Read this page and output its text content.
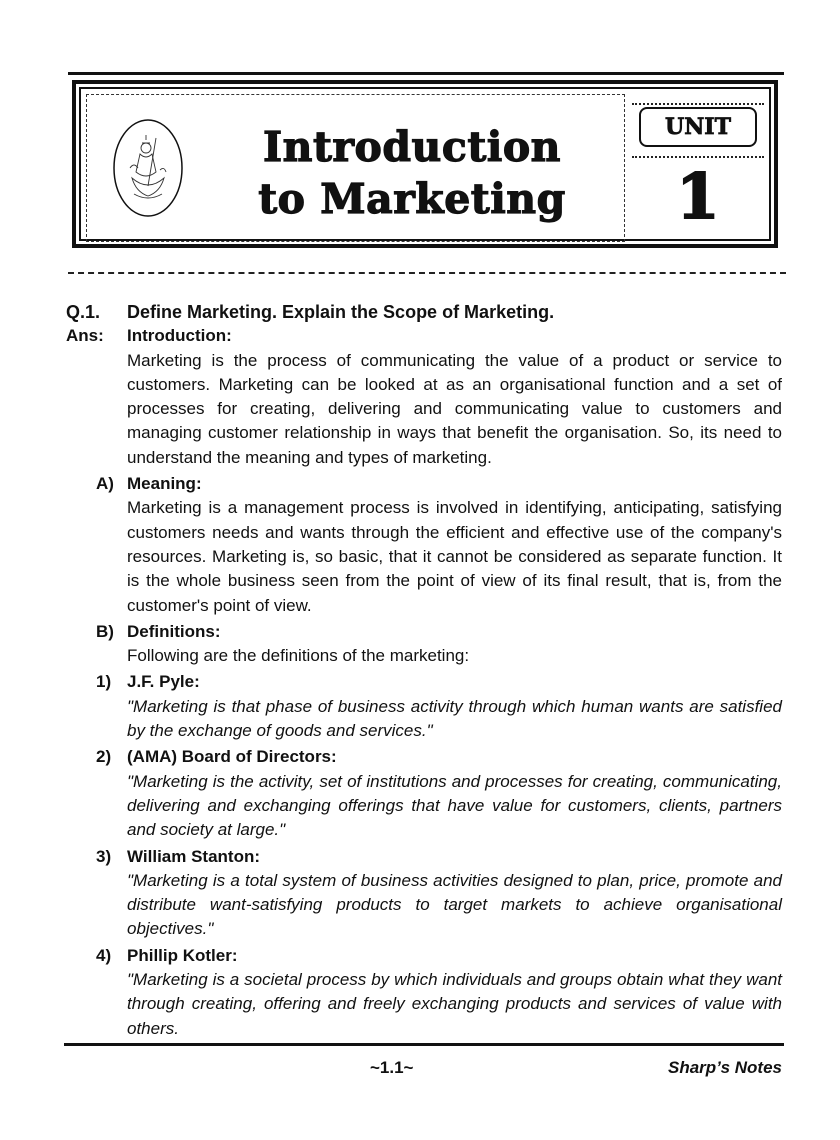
Introduction
to Marketing
UNIT
1
Q.1. Define Marketing. Explain the Scope of Marketing.
Ans: Introduction:
Marketing is the process of communicating the value of a product or service to customers. Marketing can be looked at as an organisational function and a set of processes for creating, delivering and communicating value to customers and managing customer relationship in ways that benefit the organisation. So, its need to understand the meaning and types of marketing.
A) Meaning:
Marketing is a management process is involved in identifying, anticipating, satisfying customers needs and wants through the efficient and effective use of the company's resources. Marketing is, so basic, that it cannot be considered as separate function. It is the whole business seen from the point of view of its final result, that is, from the customer's point of view.
B) Definitions:
Following are the definitions of the marketing:
1) J.F. Pyle:
"Marketing is that phase of business activity through which human wants are satisfied by the exchange of goods and services."
2) (AMA) Board of Directors:
"Marketing is the activity, set of institutions and processes for creating, communicating, delivering and exchanging offerings that have value for customers, clients, partners and society at large."
3) William Stanton:
"Marketing is a total system of business activities designed to plan, price, promote and distribute want-satisfying products to target markets to achieve organisational objectives."
4) Phillip Kotler:
"Marketing is a societal process by which individuals and groups obtain what they want through creating, offering and freely exchanging products and services of value with others.
~1.1~	Sharp’s Notes
